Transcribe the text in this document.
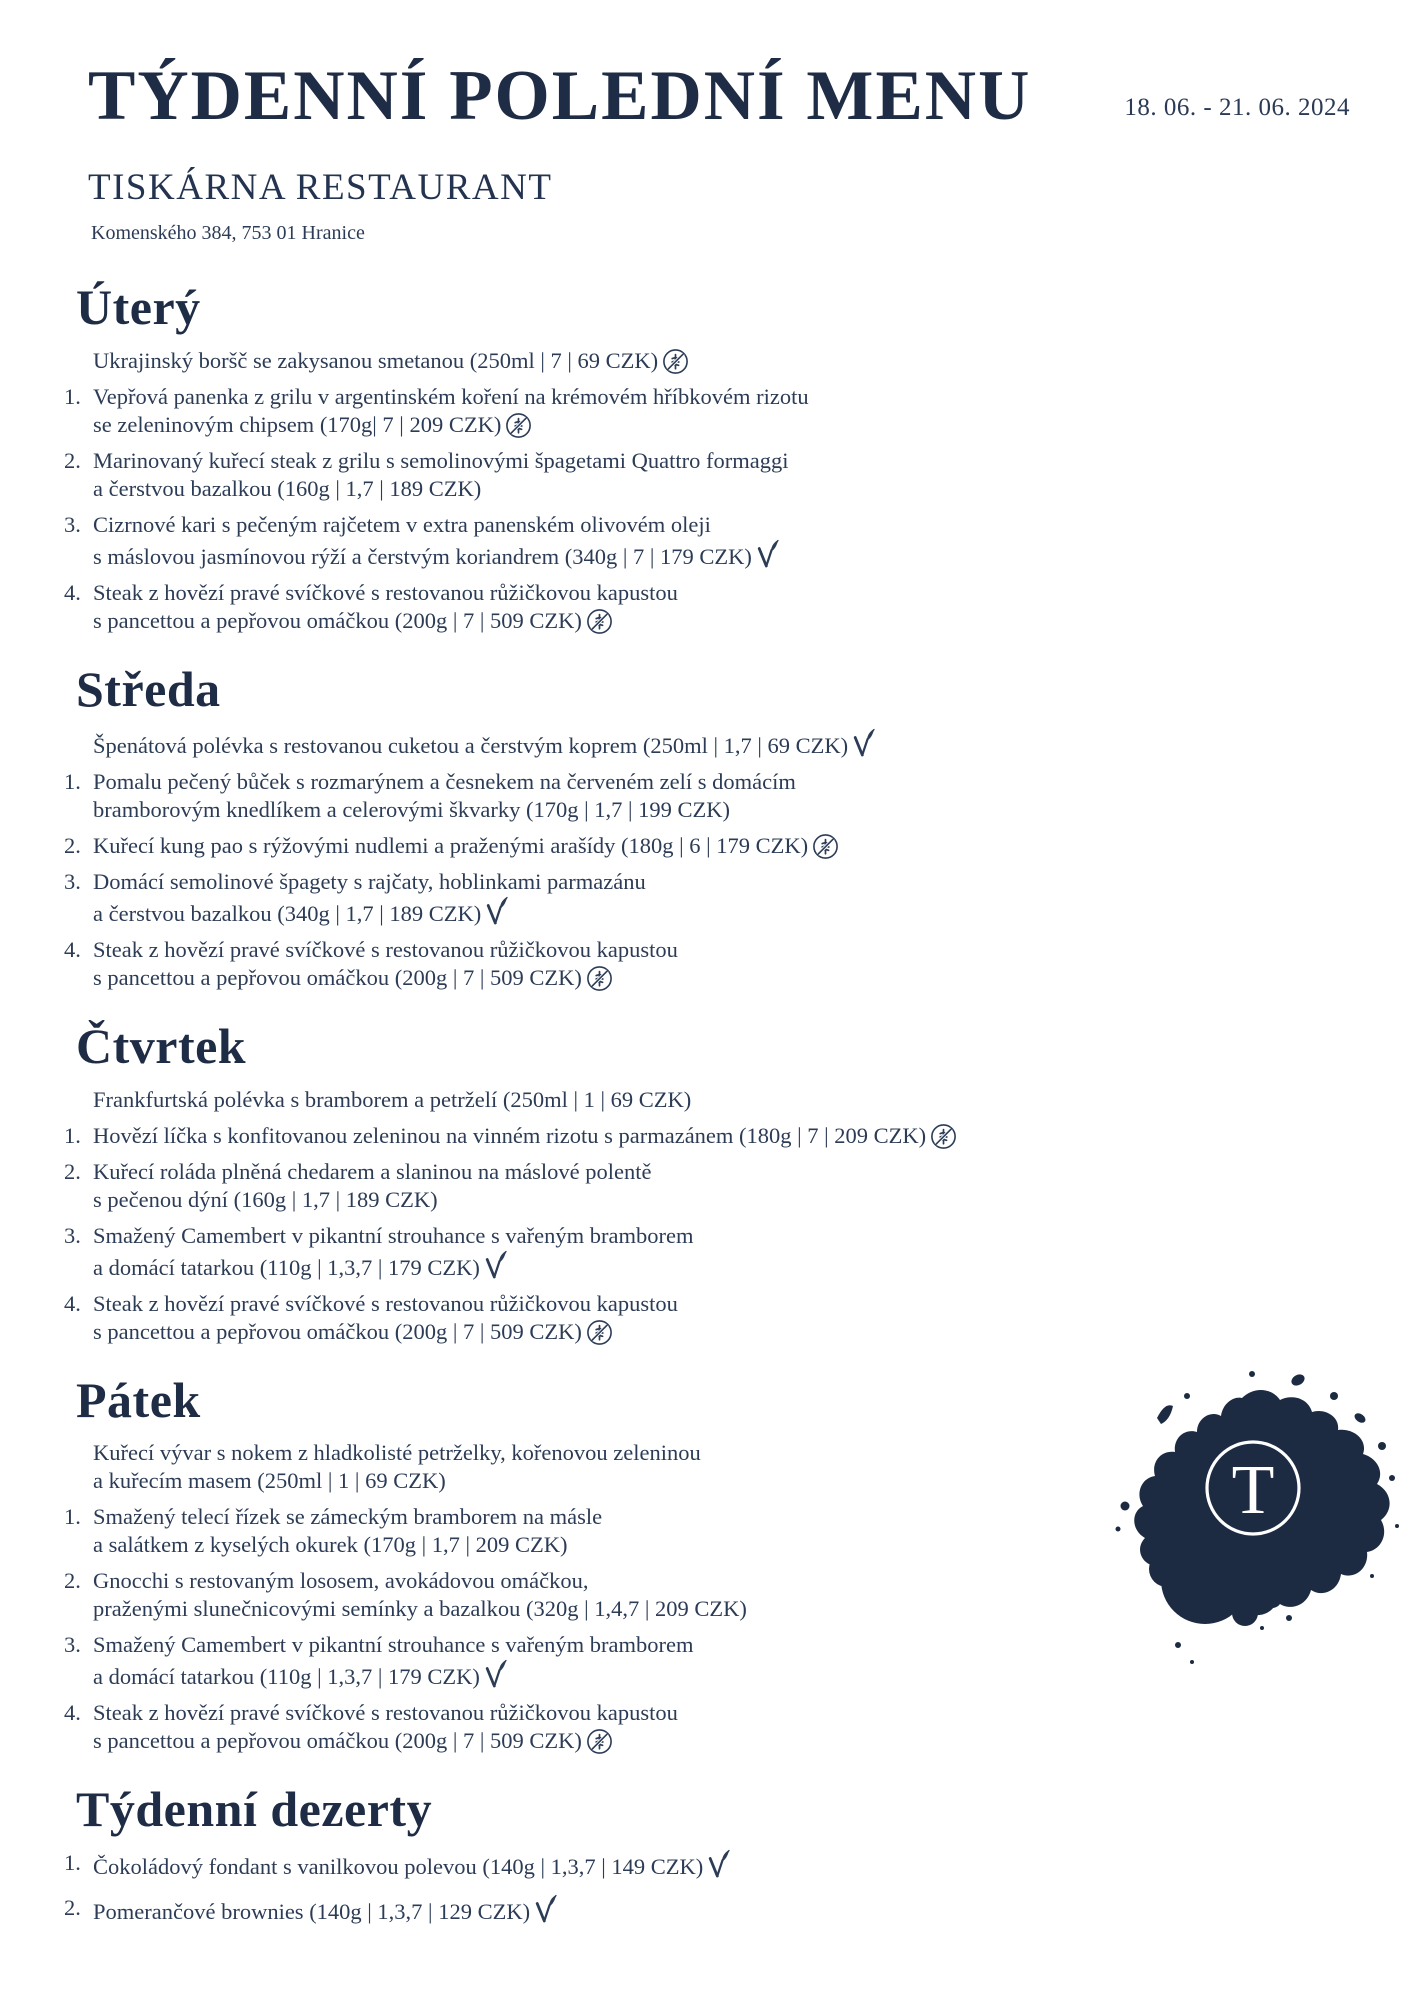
TÝDENNÍ POLEDNÍ MENU	18. 06. - 21. 06. 2024
TISKÁRNA RESTAURANT
Komenského 384, 753 01 Hranice
Úterý
Ukrajinský boršč se zakysanou smetanou (250ml | 7 | 69 CZK)
1. Vepřová panenka z grilu v argentinském koření na krémovém hříbkovém rizotu
se zeleninovým chipsem (170g| 7 | 209 CZK)
2. Marinovaný kuřecí steak z grilu s semolinovými špagetami Quattro formaggi
a čerstvou bazalkou (160g | 1,7 | 189 CZK)
3. Cizrnové kari s pečeným rajčetem v extra panenském olivovém oleji
s máslovou jasmínovou rýží a čerstvým koriandrem (340g | 7 | 179 CZK)
4. Steak z hovězí pravé svíčkové s restovanou růžičkovou kapustou
s pancettou a pepřovou omáčkou (200g | 7 | 509 CZK)
Středa
Špenátová polévka s restovanou cuketou a čerstvým koprem (250ml | 1,7 | 69 CZK)
1. Pomalu pečený bůček s rozmarýnem a česnekem na červeném zelí s domácím
bramborovým knedlíkem a celerovými škvarky (170g | 1,7 | 199 CZK)
2. Kuřecí kung pao s rýžovými nudlemi a praženými arašídy (180g | 6 | 179 CZK)
3. Domácí semolinové špagety s rajčaty, hoblinkami parmazánu
a čerstvou bazalkou (340g | 1,7 | 189 CZK)
4. Steak z hovězí pravé svíčkové s restovanou růžičkovou kapustou
s pancettou a pepřovou omáčkou (200g | 7 | 509 CZK)
Čtvrtek
Frankfurtská polévka s bramborem a petrželí (250ml | 1 | 69 CZK)
1. Hovězí líčka s konfitovanou zeleninou na vinném rizotu s parmazánem (180g | 7 | 209 CZK)
2. Kuřecí roláda plněná chedarem a slaninou na máslové polentě
s pečenou dýní (160g | 1,7 | 189 CZK)
3. Smažený Camembert v pikantní strouhance s vařeným bramborem
a domácí tatarkou (110g | 1,3,7 | 179 CZK)
4. Steak z hovězí pravé svíčkové s restovanou růžičkovou kapustou
s pancettou a pepřovou omáčkou (200g | 7 | 509 CZK)
Pátek
Kuřecí vývar s nokem z hladkolisté petrželky, kořenovou zeleninou
a kuřecím masem (250ml | 1 | 69 CZK)
1. Smažený telecí řízek se zámeckým bramborem na másle
a salátkem z kyselých okurek (170g | 1,7 | 209 CZK)
2. Gnocchi s restovaným lososem, avokádovou omáčkou,
praženými slunečnicovými semínky a bazalkou (320g | 1,4,7 | 209 CZK)
3. Smažený Camembert v pikantní strouhance s vařeným bramborem
a domácí tatarkou (110g | 1,3,7 | 179 CZK)
4. Steak z hovězí pravé svíčkové s restovanou růžičkovou kapustou
s pancettou a pepřovou omáčkou (200g | 7 | 509 CZK)
Týdenní dezerty
1. Čokoládový fondant s vanilkovou polevou (140g | 1,3,7 | 149 CZK)
2. Pomerančové brownies (140g | 1,3,7 | 129 CZK)
T
